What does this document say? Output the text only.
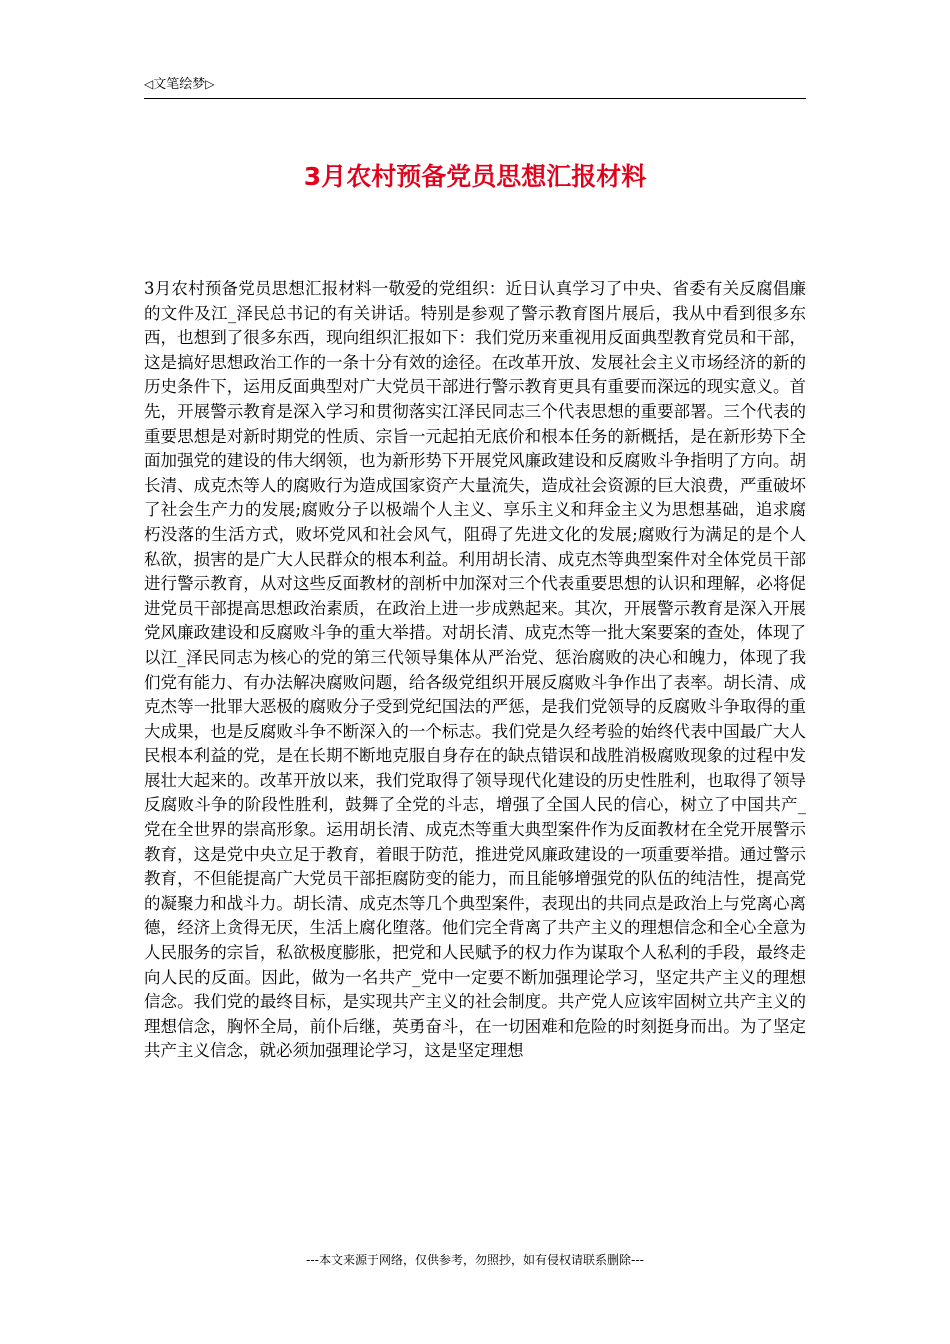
◁文笔绘梦▷
3月农村预备党员思想汇报材料

3月农村预备党员思想汇报材料一敬爱的党组织：近日认真学习了中央、省委有关反腐倡廉的文件及江_泽民总书记的有关讲话。特别是参观了警示教育图片展后，我从中看到很多东西，也想到了很多东西，现向组织汇报如下：我们党历来重视用反面典型教育党员和干部，这是搞好思想政治工作的一条十分有效的途径。在改革开放、发展社会主义市场经济的新的历史条件下，运用反面典型对广大党员干部进行警示教育更具有重要而深远的现实意义。首先，开展警示教育是深入学习和贯彻落实江泽民同志三个代表思想的重要部署。三个代表的重要思想是对新时期党的性质、宗旨一元起拍无底价和根本任务的新概括，是在新形势下全面加强党的建设的伟大纲领，也为新形势下开展党风廉政建设和反腐败斗争指明了方向。胡长清、成克杰等人的腐败行为造成国家资产大量流失，造成社会资源的巨大浪费，严重破坏了社会生产力的发展;腐败分子以极端个人主义、享乐主义和拜金主义为思想基础，追求腐朽没落的生活方式，败坏党风和社会风气，阻碍了先进文化的发展;腐败行为满足的是个人私欲，损害的是广大人民群众的根本利益。利用胡长清、成克杰等典型案件对全体党员干部进行警示教育，从对这些反面教材的剖析中加深对三个代表重要思想的认识和理解，必将促进党员干部提高思想政治素质，在政治上进一步成熟起来。其次，开展警示教育是深入开展党风廉政建设和反腐败斗争的重大举措。对胡长清、成克杰等一批大案要案的查处，体现了以江_泽民同志为核心的党的第三代领导集体从严治党、惩治腐败的决心和魄力，体现了我们党有能力、有办法解决腐败问题，给各级党组织开展反腐败斗争作出了表率。胡长清、成克杰等一批罪大恶极的腐败分子受到党纪国法的严惩，是我们党领导的反腐败斗争取得的重大成果，也是反腐败斗争不断深入的一个标志。我们党是久经考验的始终代表中国最广大人民根本利益的党，是在长期不断地克服自身存在的缺点错误和战胜消极腐败现象的过程中发展壮大起来的。改革开放以来，我们党取得了领导现代化建设的历史性胜利，也取得了领导反腐败斗争的阶段性胜利，鼓舞了全党的斗志，增强了全国人民的信心，树立了中国共产_党在全世界的崇高形象。运用胡长清、成克杰等重大典型案件作为反面教材在全党开展警示教育，这是党中央立足于教育，着眼于防范，推进党风廉政建设的一项重要举措。通过警示教育，不但能提高广大党员干部拒腐防变的能力，而且能够增强党的队伍的纯洁性，提高党的凝聚力和战斗力。胡长清、成克杰等几个典型案件，表现出的共同点是政治上与党离心离德，经济上贪得无厌，生活上腐化堕落。他们完全背离了共产主义的理想信念和全心全意为人民服务的宗旨，私欲极度膨胀，把党和人民赋予的权力作为谋取个人私利的手段，最终走向人民的反面。因此，做为一名共产_党中一定要不断加强理论学习，坚定共产主义的理想信念。我们党的最终目标，是实现共产主义的社会制度。共产党人应该牢固树立共产主义的理想信念，胸怀全局，前仆后继，英勇奋斗，在一切困难和危险的时刻挺身而出。为了坚定共产主义信念，就必须加强理论学习，这是坚定理想

---本文来源于网络，仅供参考，勿照抄，如有侵权请联系删除---
